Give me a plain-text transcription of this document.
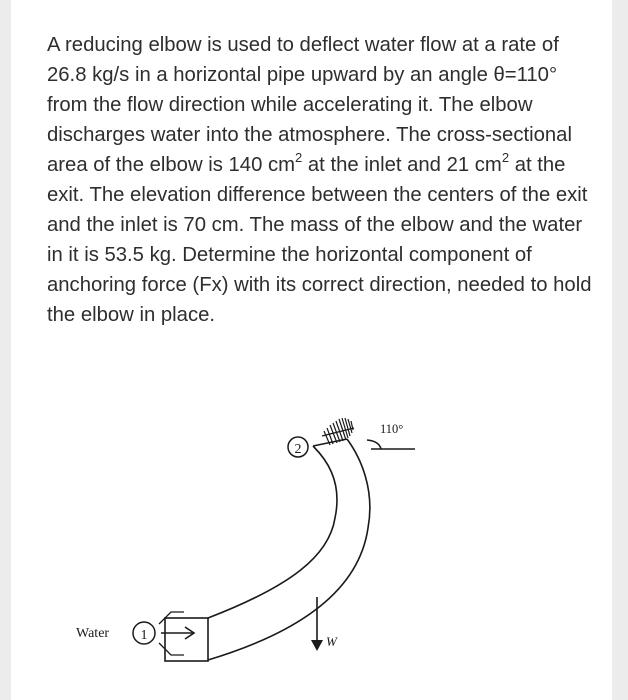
A reducing elbow is used to deflect water flow at a rate of 26.8 kg/s in a horizontal pipe upward by an angle θ=110° from the flow direction while accelerating it. The elbow discharges water into the atmosphere. The cross-sectional area of the elbow is 140 $cm^2$ at the inlet and 21 $cm^2$ at the exit. The elevation difference between the centers of the exit and the inlet is 70 cm. The mass of the elbow and the water in it is 53.5 kg. Determine the horizontal component of anchoring force (Fx) with its correct direction, needed to hold the elbow in place.

2
1
110°
Water
W
